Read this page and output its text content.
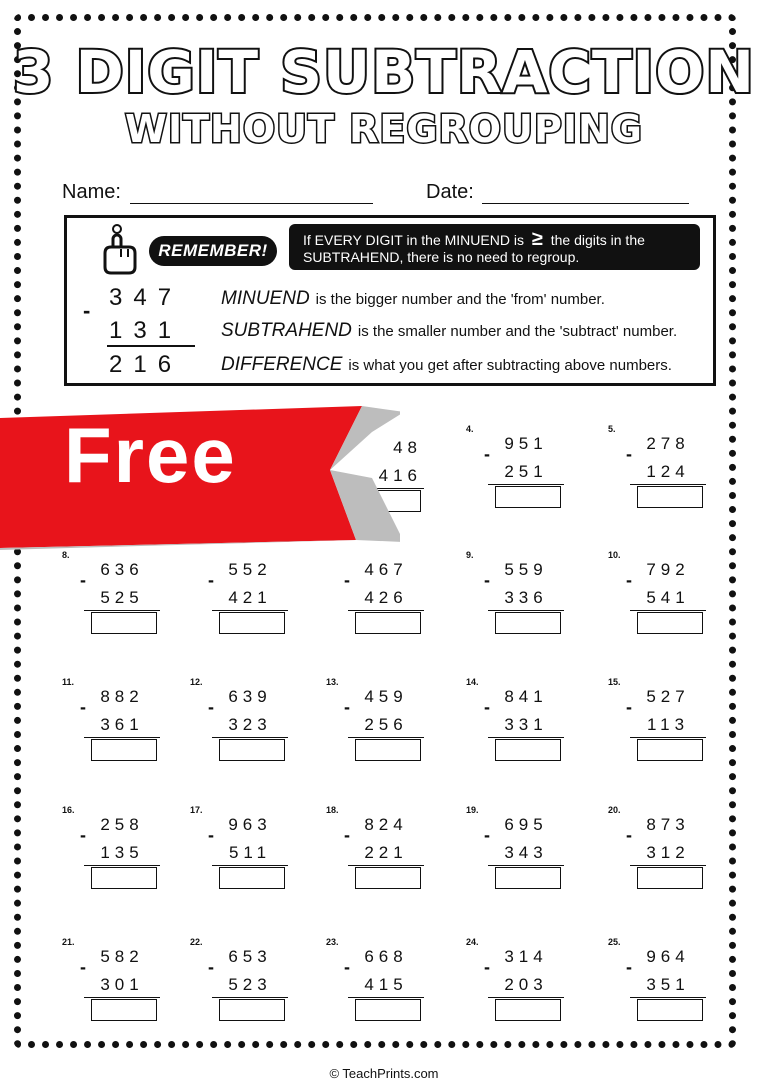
3 DIGIT SUBTRACTION
WITHOUT REGROUPING
Name:	Date:
REMEMBER!
If EVERY DIGIT in the MINUEND is ≥ the digits in the
SUBTRAHEND, there is no need to regroup.
- 347
131
216
MINUEND is the bigger number and the 'from' number.
SUBTRAHEND is the smaller number and the 'subtract' number.
DIFFERENCE is what you get after subtracting above numbers.
48
416
4.
-
951
251
5.
-
278
124
8.
-
636
525
-
552
421
-
467
426
9.
-
559
336
10.
-
792
541
11.
-
882
361
12.
-
639
323
13.
-
459
256
14.
-
841
331
15.
-
527
113
16.
-
258
135
17.
-
963
511
18.
-
824
221
19.
-
695
343
20.
-
873
312
21.
-
582
301
22.
-
653
523
23.
-
668
415
24.
-
314
203
25.
-
964
351
Free
© TeachPrints.com
